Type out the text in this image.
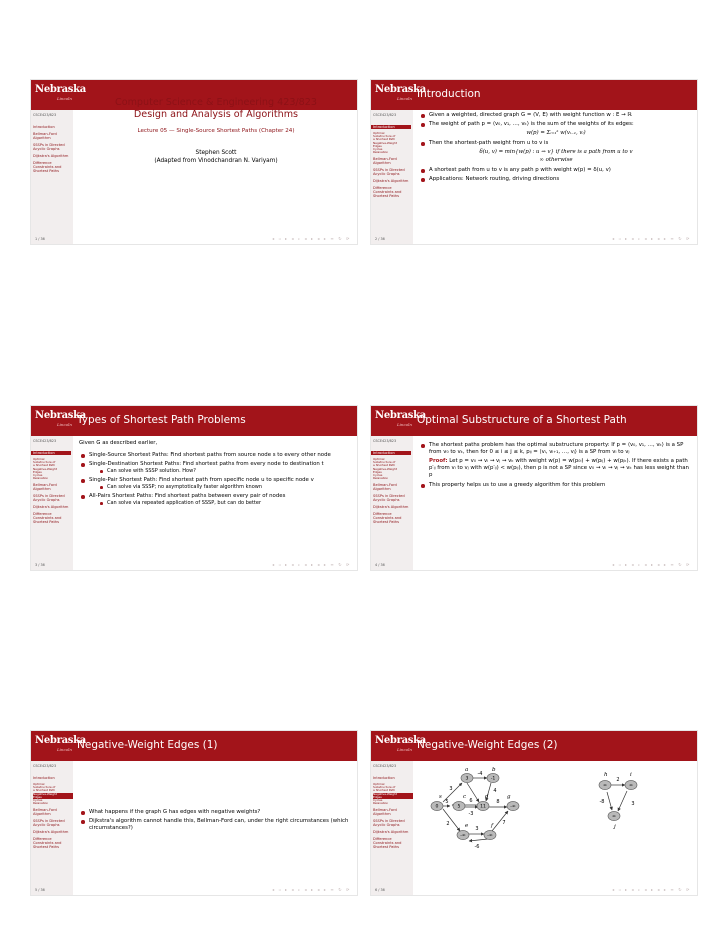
Nebraska
Lincoln
CSCE423/823
Introduction
Bellman-Ford Algorithm
SSSPs in Directed Acyclic Graphs
Dijkstra's Algorithm
Difference Constraints and Shortest Paths
1 / 36	◂ ◃ ▸ ◂ ▹ ◂ ▸ ◂ ▸ ≡ ↻ ⟳
Computer Science & Engineering 423/823
Design and Analysis of Algorithms
Lecture 05 — Single-Source Shortest Paths (Chapter 24)
Stephen Scott
(Adapted from Vinodchandran N. Variyam)
Nebraska
Lincoln Introduction
CSCE423/823
Introduction
Optimal
Substructure of
a Shortest Path
Negative-Weight
Edges
Cycles
Relaxation
Bellman-Ford Algorithm
SSSPs in Directed Acyclic Graphs
Dijkstra's Algorithm
Difference Constraints and Shortest Paths
2 / 36	◂ ◃ ▸ ◂ ▹ ◂ ▸ ◂ ▸ ≡ ↻ ⟳
Given a weighted, directed graph G = (V, E) with weight function w : E → ℝ
The weight of path p = ⟨v₀, v₁, …, vₖ⟩ is the sum of the weights of its edges:
w(p) = Σᵢ₌₁ᵏ w(vᵢ₋₁, vᵢ)
Then the shortest-path weight from u to v is
δ(u, v) = min{w(p) : u ⇝ v} if there is a path from u to v
∞ otherwise
A shortest path from u to v is any path p with weight w(p) = δ(u, v)
Applications: Network routing, driving directions
Nebraska
Lincoln Types of Shortest Path Problems
CSCE423/823
Introduction
Optimal
Substructure of
a Shortest Path
Negative-Weight
Edges
Cycles
Relaxation
Bellman-Ford Algorithm
SSSPs in Directed Acyclic Graphs
Dijkstra's Algorithm
Difference Constraints and Shortest Paths
3 / 36	◂ ◃ ▸ ◂ ▹ ◂ ▸ ◂ ▸ ≡ ↻ ⟳
Given G as described earlier,
Single-Source Shortest Paths: Find shortest paths from source node s to every other node
Single-Destination Shortest Paths: Find shortest paths from every node to destination t
Can solve with SSSP solution. How?
Single-Pair Shortest Path: Find shortest path from specific node u to specific node v
Can solve via SSSP; no asymptotically faster algorithm known
All-Pairs Shortest Paths: Find shortest paths between every pair of nodes
Can solve via repeated application of SSSP, but can do better
Nebraska
Lincoln Optimal Substructure of a Shortest Path
CSCE423/823
Introduction
Optimal
Substructure of
a Shortest Path
Negative-Weight
Edges
Cycles
Relaxation
Bellman-Ford Algorithm
SSSPs in Directed Acyclic Graphs
Dijkstra's Algorithm
Difference Constraints and Shortest Paths
4 / 36	◂ ◃ ▸ ◂ ▹ ◂ ▸ ◂ ▸ ≡ ↻ ⟳
The shortest paths problem has the optimal substructure property: If p = ⟨v₀, v₁, …, vₖ⟩ is a SP from v₀ to vₖ, then for 0 ≤ i ≤ j ≤ k, pᵢⱼ = ⟨vᵢ, vᵢ₊₁, …, vⱼ⟩ is a SP from vᵢ to vⱼ
Proof: Let p = v₀ ⇝ vᵢ ⇝ vⱼ ⇝ vₖ with weight w(p) = w(p₀ᵢ) + w(pᵢⱼ) + w(pⱼₖ). If there exists a path p′ᵢⱼ from vᵢ to vⱼ with w(p′ᵢⱼ) < w(pᵢⱼ), then p is not a SP since v₀ ⇝ vᵢ ⇝ vⱼ ⇝ vₖ has less weight than p
This property helps us to use a greedy algorithm for this problem
Nebraska
Lincoln Negative-Weight Edges (1)
CSCE423/823
Introduction
Optimal
Substructure of
a Shortest Path
Negative-Weight
Edges
Cycles
Relaxation
Bellman-Ford Algorithm
SSSPs in Directed Acyclic Graphs
Dijkstra's Algorithm
Difference Constraints and Shortest Paths
5 / 36	◂ ◃ ▸ ◂ ▹ ◂ ▸ ◂ ▸ ≡ ↻ ⟳
What happens if the graph G has edges with negative weights?
Dijkstra's algorithm cannot handle this, Bellman-Ford can, under the right circumstances (which circumstances?)
Nebraska
Lincoln Negative-Weight Edges (2)
CSCE423/823
Introduction
Optimal
Substructure of
a Shortest Path
Negative-Weight
Edges
Cycles
Relaxation
Bellman-Ford Algorithm
SSSPs in Directed Acyclic Graphs
Dijkstra's Algorithm
Difference Constraints and Shortest Paths
6 / 36	◂ ◃ ▸ ◂ ▹ ◂ ▸ ◂ ▸ ≡ ↻ ⟳
a	b
s	c	d	g
e	f
h	i
j
3	-1
5	11
-∞	-∞
-∞
∞	∞
∞
0
3
-4
4
5	6
-3
2
3
8
7
-6
2
3
-8
